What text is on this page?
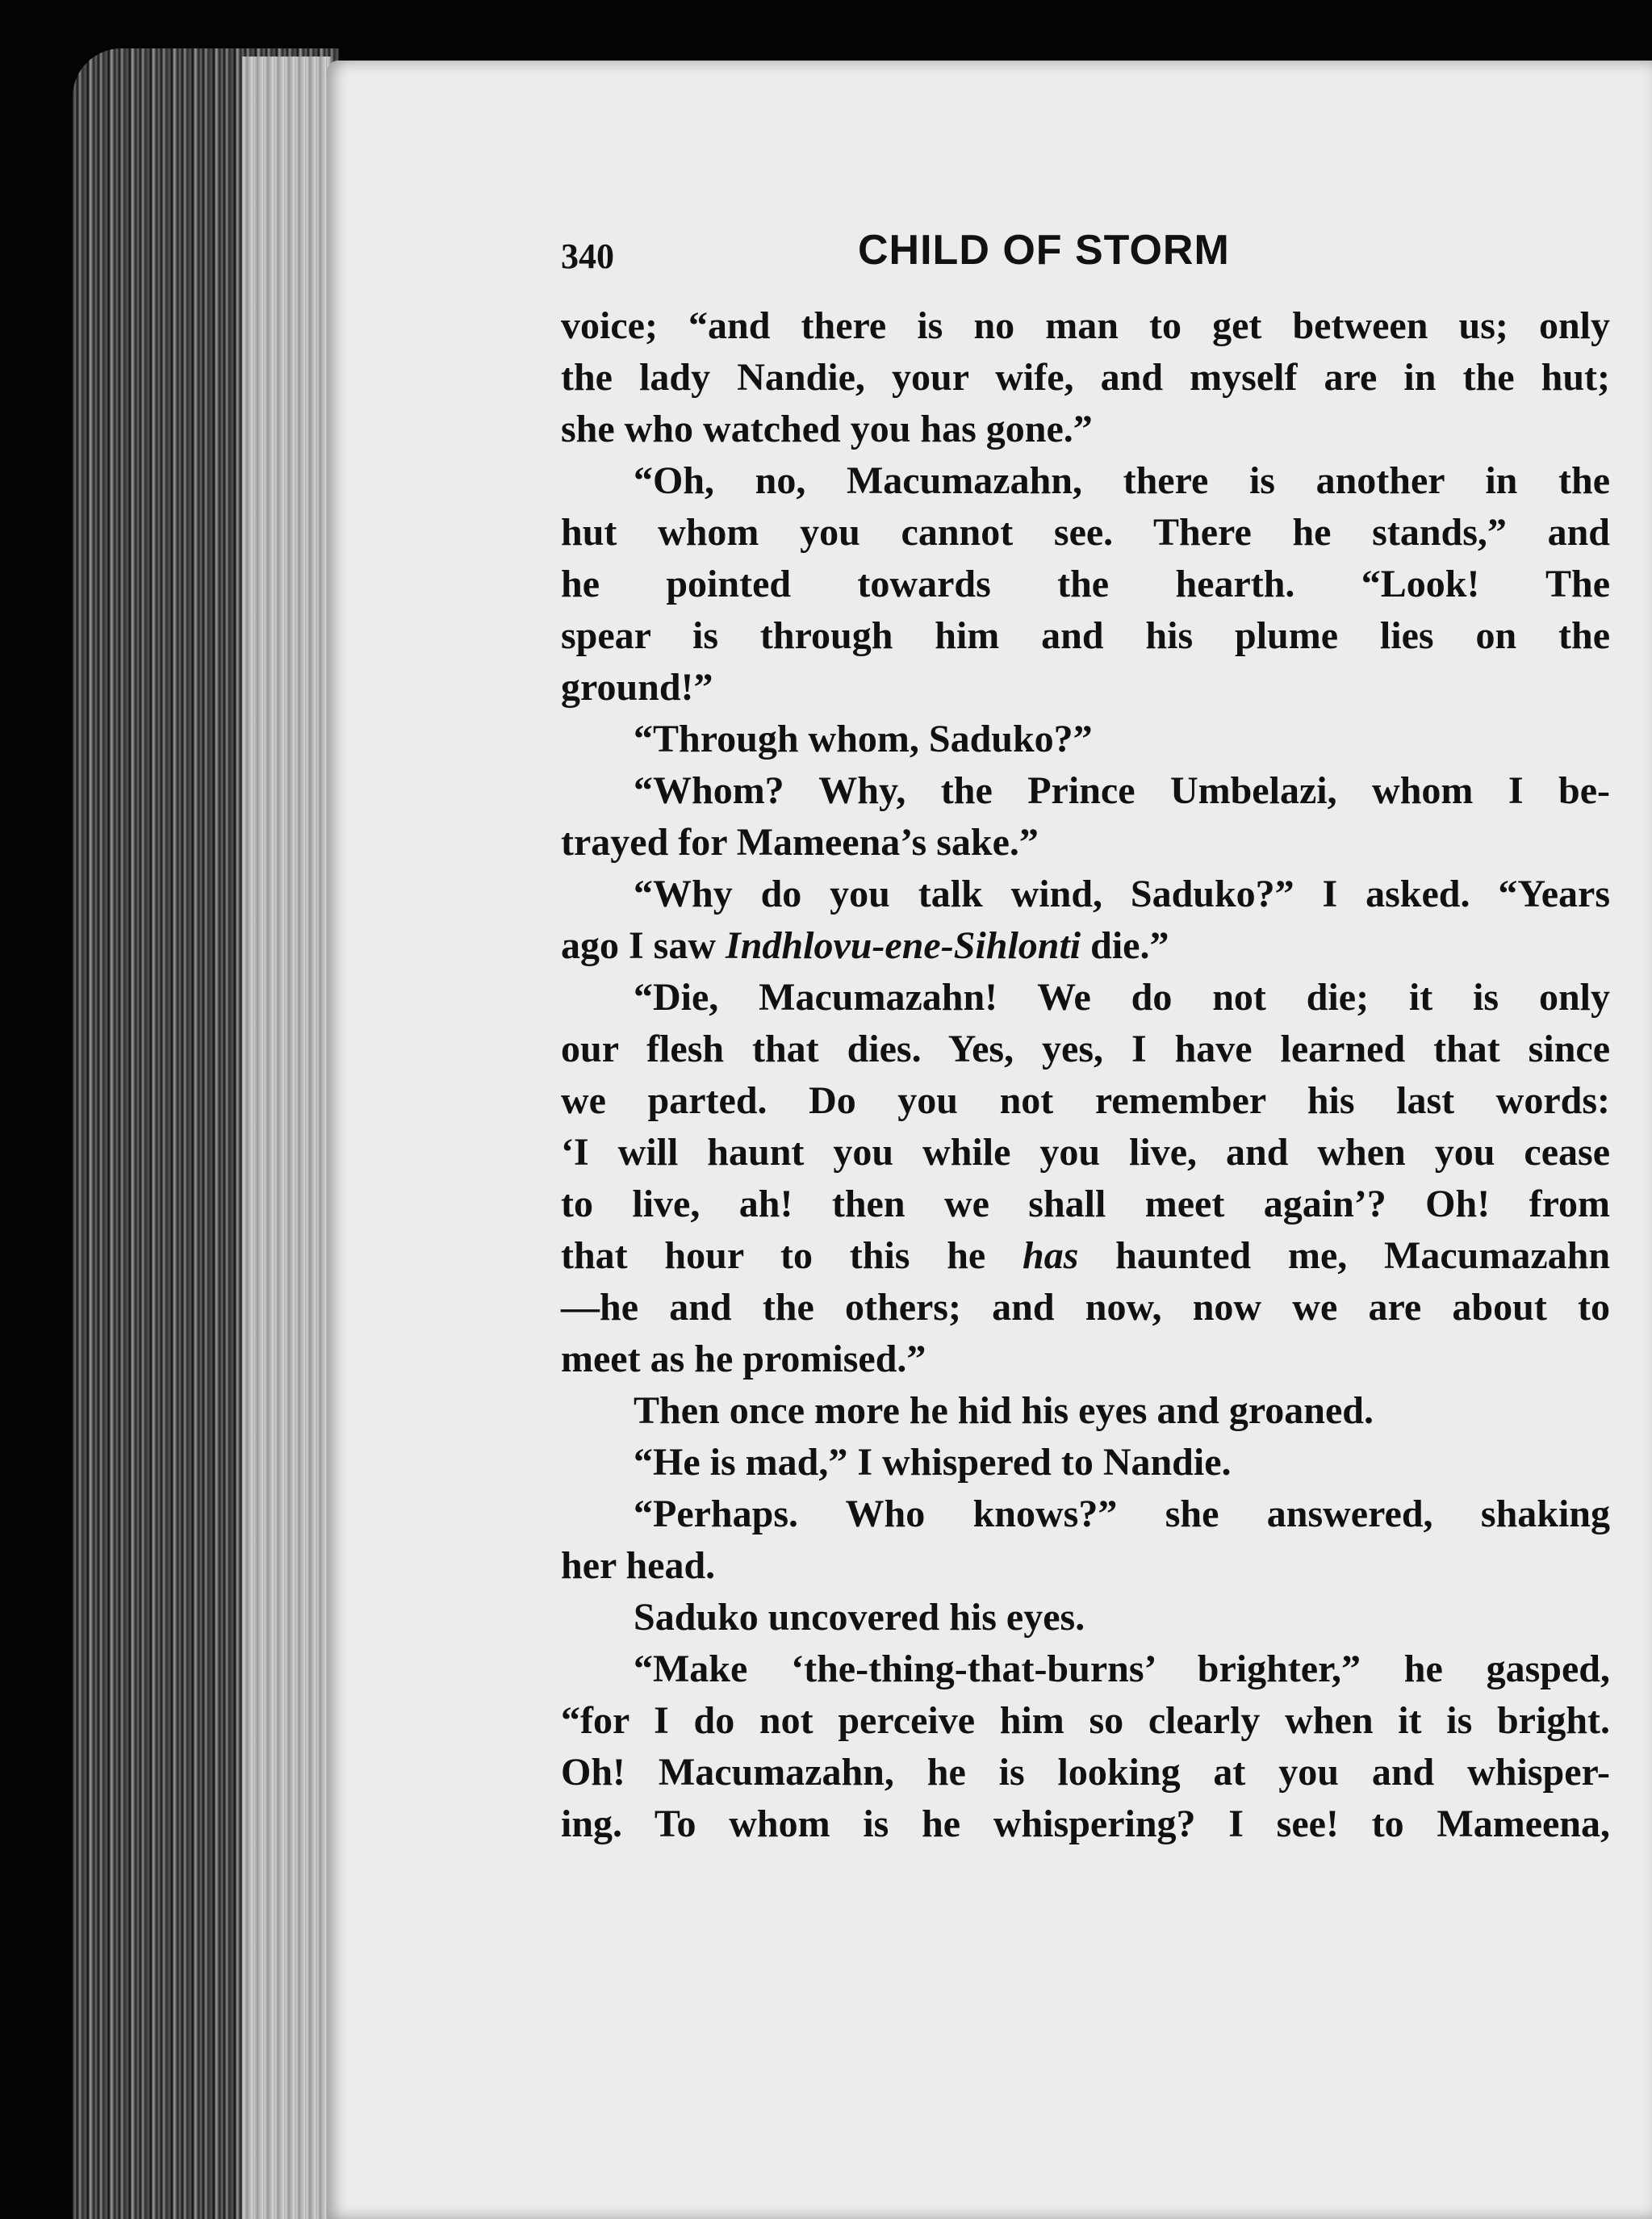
340	CHILD OF STORM
voice; “and there is no man to get between us; only
the lady Nandie, your wife, and myself are in the hut;
she who watched you has gone.”
“Oh, no, Macumazahn, there is another in the
hut whom you cannot see. There he stands,” and
he pointed towards the hearth. “Look! The
spear is through him and his plume lies on the
ground!”
“Through whom, Saduko?”
“Whom? Why, the Prince Umbelazi, whom I be-
trayed for Mameena’s sake.”
“Why do you talk wind, Saduko?” I asked. “Years
ago I saw Indhlovu-ene-Sihlonti die.”
“Die, Macumazahn! We do not die; it is only
our flesh that dies. Yes, yes, I have learned that since
we parted. Do you not remember his last words:
‘I will haunt you while you live, and when you cease
to live, ah! then we shall meet again’? Oh! from
that hour to this he has haunted me, Macumazahn
—he and the others; and now, now we are about to
meet as he promised.”
Then once more he hid his eyes and groaned.
“He is mad,” I whispered to Nandie.
“Perhaps. Who knows?” she answered, shaking
her head.
Saduko uncovered his eyes.
“Make ‘the-thing-that-burns’ brighter,” he gasped,
“for I do not perceive him so clearly when it is bright.
Oh! Macumazahn, he is looking at you and whisper-
ing. To whom is he whispering? I see! to Mameena,
